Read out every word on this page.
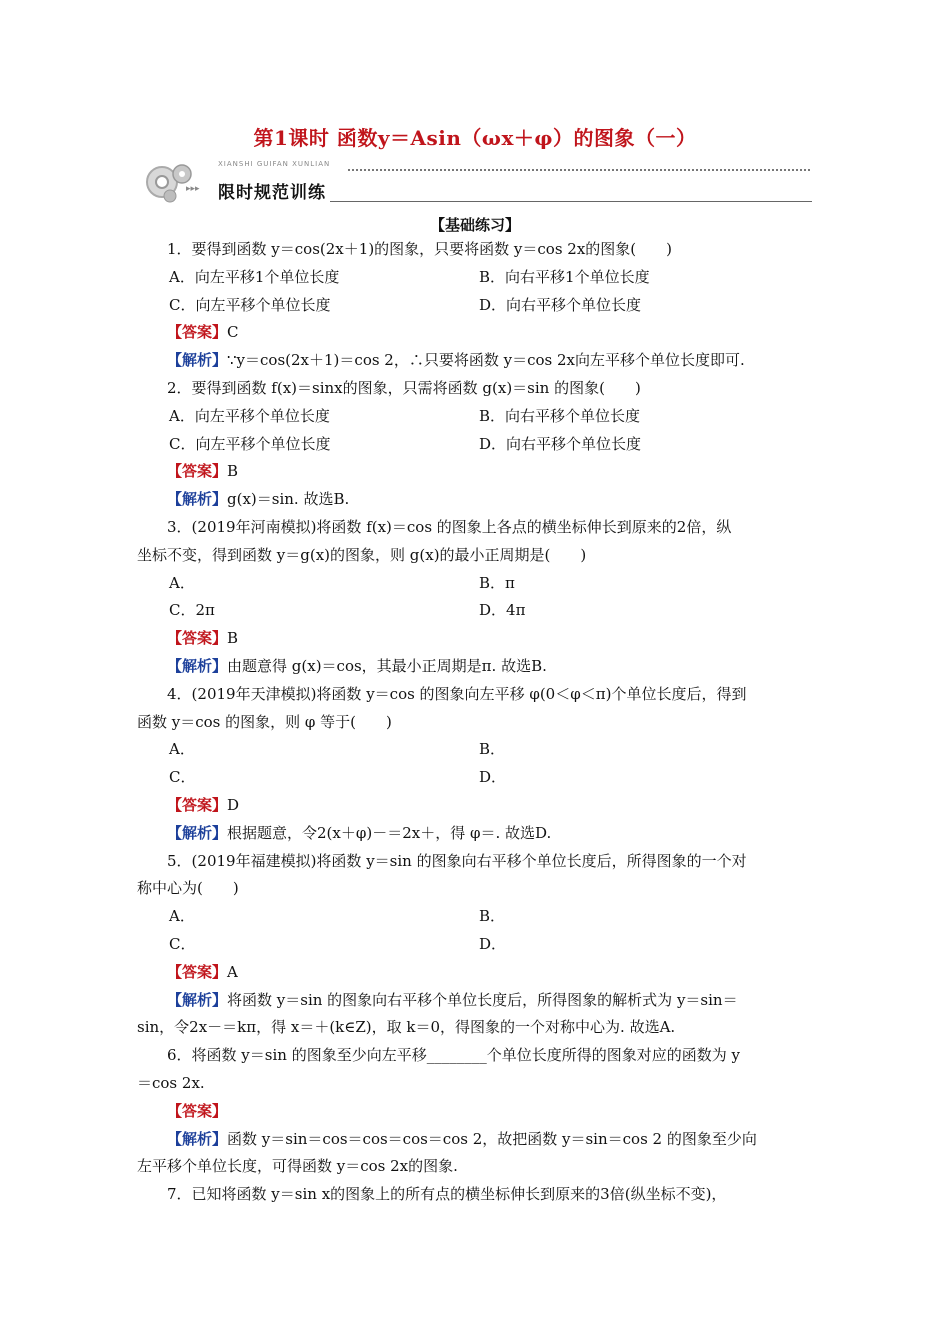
第1课时 函数y＝Asin（ωx＋φ）的图象（一）
XIANSHI GUIFAN XUNLIAN
▸▸▸ 限时规范训练
【基础练习】
1．要得到函数 y＝cos(2x＋1)的图象，只要将函数 y＝cos 2x的图象(　　)
A．向左平移1个单位长度	B．向右平移1个单位长度
C．向左平移个单位长度	D．向右平移个单位长度
【答案】C
【解析】∵y＝cos(2x＋1)＝cos 2，∴只要将函数 y＝cos 2x向左平移个单位长度即可.
2．要得到函数 f(x)＝sinx的图象，只需将函数 g(x)＝sin 的图象(　　)
A．向左平移个单位长度	B．向右平移个单位长度
C．向左平移个单位长度	D．向右平移个单位长度
【答案】B
【解析】g(x)＝sin. 故选B.
3．(2019年河南模拟)将函数 f(x)＝cos 的图象上各点的横坐标伸长到原来的2倍，纵
坐标不变，得到函数 y＝g(x)的图象，则 g(x)的最小正周期是(　　)
A．	B．π
C．2π	D．4π
【答案】B
【解析】由题意得 g(x)＝cos，其最小正周期是π. 故选B.
4．(2019年天津模拟)将函数 y＝cos 的图象向左平移 φ(0＜φ＜π)个单位长度后，得到
函数 y＝cos 的图象，则 φ 等于(　　)
A．	B．
C．	D．
【答案】D
【解析】根据题意，令2(x＋φ)－＝2x＋，得 φ＝. 故选D.
5．(2019年福建模拟)将函数 y＝sin 的图象向右平移个单位长度后，所得图象的一个对
称中心为(　　)
A．	B．
C．	D．
【答案】A
【解析】将函数 y＝sin 的图象向右平移个单位长度后，所得图象的解析式为 y＝sin＝
sin，令2x－＝kπ，得 x＝＋(k∈Z)，取 k＝0，得图象的一个对称中心为. 故选A.
6．将函数 y＝sin 的图象至少向左平移________个单位长度所得的图象对应的函数为 y
＝cos 2x.
【答案】
【解析】函数 y＝sin＝cos＝cos＝cos＝cos 2，故把函数 y＝sin＝cos 2 的图象至少向
左平移个单位长度，可得函数 y＝cos 2x的图象.
7．已知将函数 y＝sin x的图象上的所有点的横坐标伸长到原来的3倍(纵坐标不变)，
